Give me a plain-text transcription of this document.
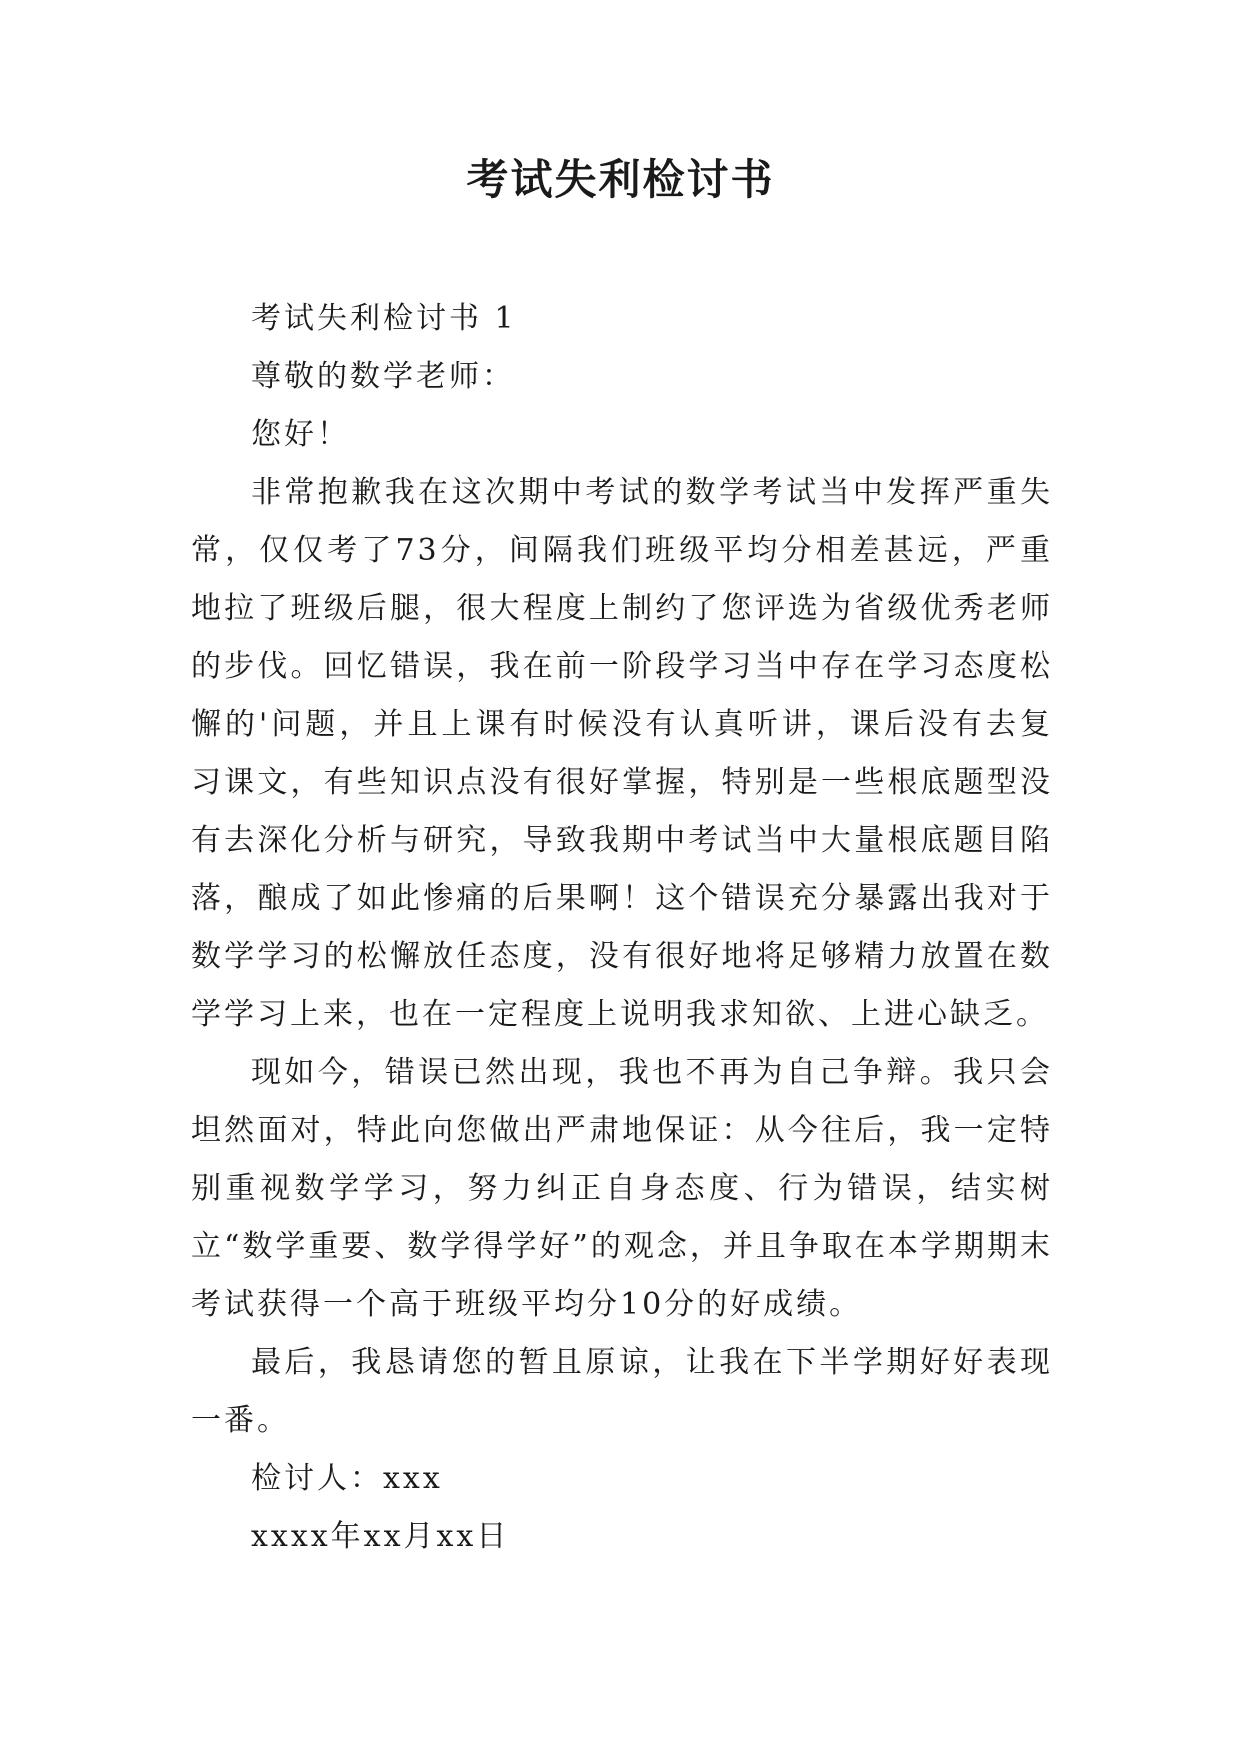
考试失利检讨书

考试失利检讨书 1

尊敬的数学老师：

您好！

非常抱歉我在这次期中考试的数学考试当中发挥严重失常，仅仅考了73分，间隔我们班级平均分相差甚远，严重地拉了班级后腿，很大程度上制约了您评选为省级优秀老师的步伐。回忆错误，我在前一阶段学习当中存在学习态度松懈的'问题，并且上课有时候没有认真听讲，课后没有去复习课文，有些知识点没有很好掌握，特别是一些根底题型没有去深化分析与研究，导致我期中考试当中大量根底题目陷落，酿成了如此惨痛的后果啊！这个错误充分暴露出我对于数学学习的松懈放任态度，没有很好地将足够精力放置在数学学习上来，也在一定程度上说明我求知欲、上进心缺乏。

现如今，错误已然出现，我也不再为自己争辩。我只会坦然面对，特此向您做出严肃地保证：从今往后，我一定特别重视数学学习，努力纠正自身态度、行为错误，结实树立“数学重要、数学得学好”的观念，并且争取在本学期期末考试获得一个高于班级平均分10分的好成绩。

最后，我恳请您的暂且原谅，让我在下半学期好好表现一番。

检讨人：xxx

xxxx年xx月xx日
